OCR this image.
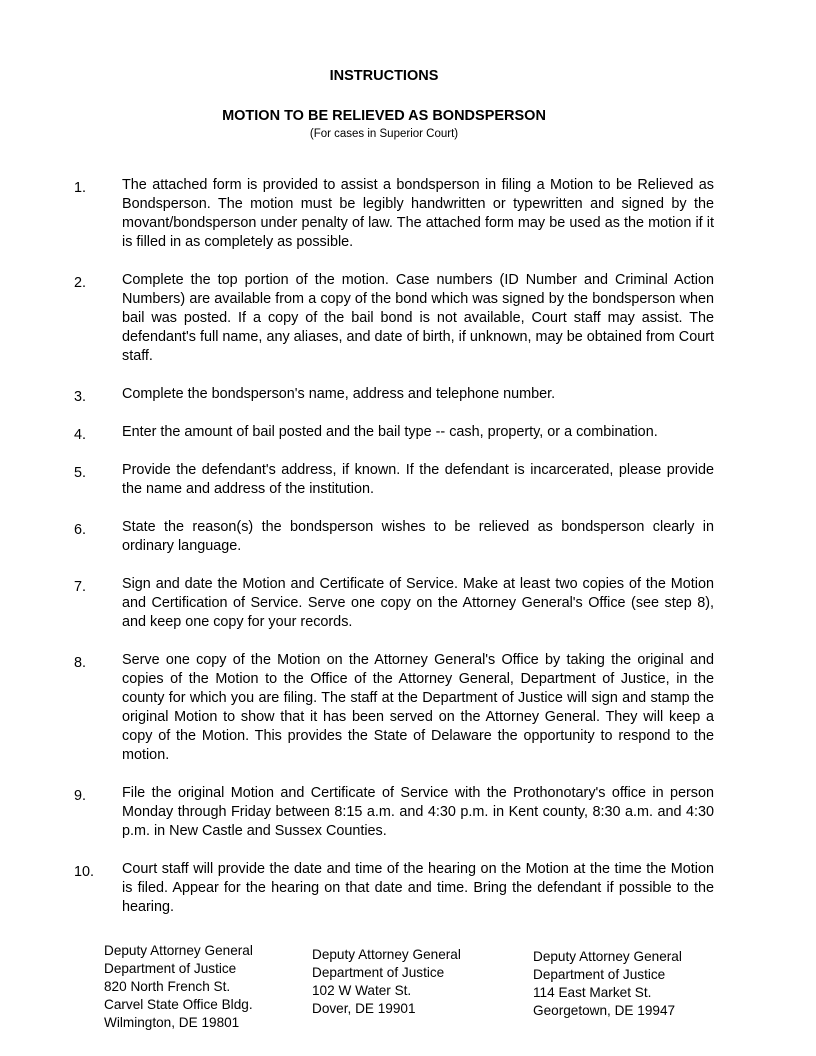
INSTRUCTIONS
MOTION TO BE RELIEVED AS BONDSPERSON
(For cases in Superior Court)
1.	The attached form is provided to assist a bondsperson in filing a Motion to be Relieved as Bondsperson. The motion must be legibly handwritten or typewritten and signed by the movant/bondsperson under penalty of law. The attached form may be used as the motion if it is filled in as completely as possible.
2.	Complete the top portion of the motion. Case numbers (ID Number and Criminal Action Numbers) are available from a copy of the bond which was signed by the bondsperson when bail was posted. If a copy of the bail bond is not available, Court staff may assist. The defendant's full name, any aliases, and date of birth, if unknown, may be obtained from Court staff.
3.	Complete the bondsperson's name, address and telephone number.
4.	Enter the amount of bail posted and the bail type -- cash, property, or a combination.
5.	Provide the defendant's address, if known. If the defendant is incarcerated, please provide the name and address of the institution.
6.	State the reason(s) the bondsperson wishes to be relieved as bondsperson clearly in ordinary language.
7.	Sign and date the Motion and Certificate of Service. Make at least two copies of the Motion and Certification of Service. Serve one copy on the Attorney General's Office (see step 8), and keep one copy for your records.
8.	Serve one copy of the Motion on the Attorney General's Office by taking the original and copies of the Motion to the Office of the Attorney General, Department of Justice, in the county for which you are filing. The staff at the Department of Justice will sign and stamp the original Motion to show that it has been served on the Attorney General. They will keep a copy of the Motion. This provides the State of Delaware the opportunity to respond to the motion.
9.	File the original Motion and Certificate of Service with the Prothonotary's office in person Monday through Friday between 8:15 a.m. and 4:30 p.m. in Kent county, 8:30 a.m. and 4:30 p.m. in New Castle and Sussex Counties.
10.	Court staff will provide the date and time of the hearing on the Motion at the time the Motion is filed. Appear for the hearing on that date and time. Bring the defendant if possible to the hearing.
Deputy Attorney General
Department of Justice
820 North French St.
Carvel State Office Bldg.
Wilmington, DE 19801
Deputy Attorney General
Department of Justice
102 W Water St.
Dover, DE 19901
Deputy Attorney General
Department of Justice
114 East Market St.
Georgetown, DE 19947
